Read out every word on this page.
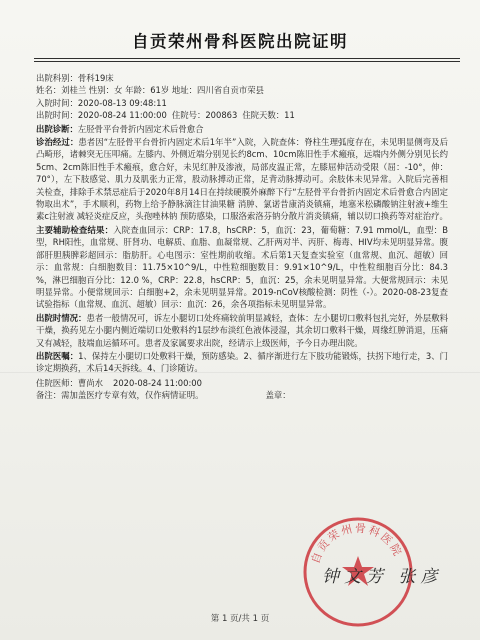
自贡荣州骨科医院出院证明
出院科别：骨科19床
姓名：刘桂兰 性别：女 年龄：61岁 地址：四川省自贡市荣县
入院时间：2020-08-13 09:48:11
出院时间：2020-08-24 11:00:00 住院号：200863 住院天数：11
出院诊断：左胫骨平台骨折内固定术后骨愈合
诊治经过：患者因“左胫骨平台骨折内固定术后1年半”入院，入院查体：脊柱生理弧度存在，未见明显侧弯及后凸畸形，诸棘突无压叩痛。左膝内、外侧近端分别见长约8cm、10cm陈旧性手术瘢痕，远端内外侧分别见长约5cm、2cm陈旧性手术瘢痕，愈合好，未见红肿及渗液，局部皮温正常，左膝屈伸活动受限（屈：-10°，伸：70°），左下肢感觉、肌力及肌张力正常，股动脉搏动正常，足背动脉搏动可。余肢体未见异常。入院后完善相关检查，排除手术禁忌症后于2020年8月14日在持续硬膜外麻醉下行“左胫骨平台骨折内固定术后骨愈合内固定物取出术”，手术顺利，药物上给予静脉滴注甘油果糖 消肿、氯诺昔康消炎镇痛，地塞米松磷酸钠注射液+维生素c注射液 减轻炎症反应，头孢唑林钠 预防感染，口服洛索洛芬钠分散片消炎镇痛，辅以切口换药等对症治疗。
主要辅助检查结果：入院查血回示：CRP：17.8，hsCRP：5，血沉：23，葡萄糖：7.91 mmol/L，血型：B型，RH阳性，血常规、肝肾功、电解质、血脂、血凝常规、乙肝两对半、丙肝、梅毒、HIV均未见明显异常。腹部肝胆胰脾彩超回示：脂肪肝。心电图示：室性期前收缩。术后第1天复查实验室（血常规、血沉、超敏）回示：血常规：白细胞数目：11.75×10^9/L，中性粒细胞数目：9.91×10^9/L，中性粒细胞百分比：84.3 %，淋巴细胞百分比：12.0 %，CRP：22.8，hsCRP：5，血沉：25，余未见明显异常。大便常规回示：未见明显异常。小便常规回示：白细胞+2，余未见明显异常。2019-nCoV核酸检测：阴性（-）。2020-08-23复查试验指标（血常规、血沉、超敏）回示：血沉：26，余各项指标未见明显异常。
出院时情况：患者一般情况可，诉左小腿切口处疼痛较前明显减轻，查体：左小腿切口敷料包扎完好，外层敷料干燥，换药见左小腿内侧近端切口处敷料约1层纱布淡红色液体浸湿，其余切口敷料干燥，周缘红肿消退，压痛又有减轻，肢端血运循环可。患者及家属要求出院，经请示上级医师，予今日办理出院。
出院医嘱：1、保持左小腿切口处敷料干燥，预防感染。2、循序渐进行左下肢功能锻炼，扶拐下地行走，3、门诊定期换药，术后14天拆线。4、门诊随访。
住院医师：曹尚水 2020-08-24 11:00:00
备注：需加盖医疗专章有效，仅作病情证明。	盖章：
自贡荣州骨科医院
钟文芳 张彦
第 1 页/共 1 页
